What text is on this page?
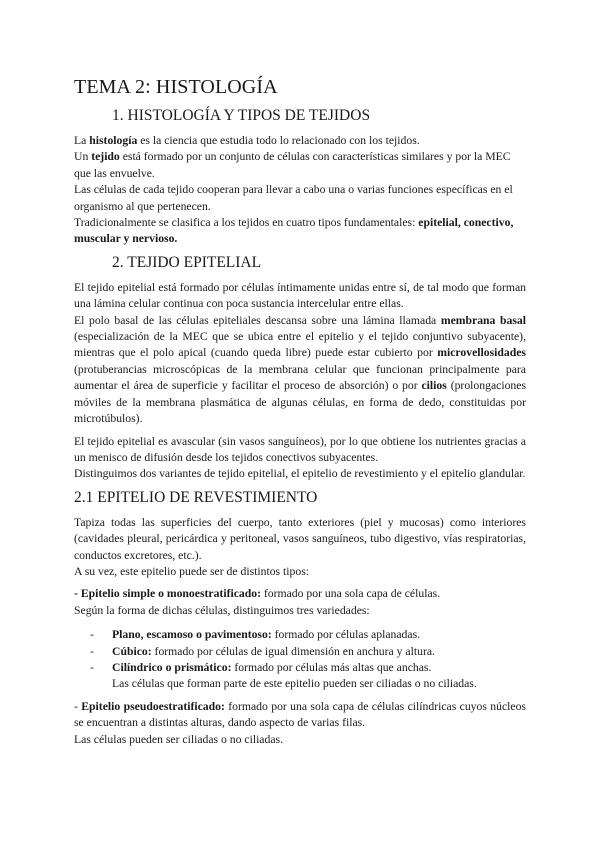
TEMA 2: HISTOLOGÍA
1. HISTOLOGÍA Y TIPOS DE TEJIDOS

La histología es la ciencia que estudia todo lo relacionado con los tejidos.

Un tejido está formado por un conjunto de células con características similares y por la MEC que las envuelve.

Las células de cada tejido cooperan para llevar a cabo una o varias funciones específicas en el organismo al que pertenecen.

Tradicionalmente se clasifica a los tejidos en cuatro tipos fundamentales: epitelial, conectivo, muscular y nervioso.

2. TEJIDO EPITELIAL

El tejido epitelial está formado por células íntimamente unidas entre sí, de tal modo que forman una lámina celular continua con poca sustancia intercelular entre ellas.

El polo basal de las células epiteliales descansa sobre una lámina llamada membrana basal (especialización de la MEC que se ubica entre el epitelio y el tejido conjuntivo subyacente), mientras que el polo apical (cuando queda libre) puede estar cubierto por microvellosidades (protuberancias microscópicas de la membrana celular que funcionan principalmente para aumentar el área de superficie y facilitar el proceso de absorción) o por cilios (prolongaciones móviles de la membrana plasmática de algunas células, en forma de dedo, constituidas por microtúbulos).

El tejido epitelial es avascular (sin vasos sanguíneos), por lo que obtiene los nutrientes gracias a un menisco de difusión desde los tejidos conectivos subyacentes.

Distinguimos dos variantes de tejido epitelial, el epitelio de revestimiento y el epitelio glandular.

2.1 EPITELIO DE REVESTIMIENTO

Tapiza todas las superficies del cuerpo, tanto exteriores (piel y mucosas) como interiores (cavidades pleural, pericárdica y peritoneal, vasos sanguíneos, tubo digestivo, vías respiratorias, conductos excretores, etc.).

A su vez, este epitelio puede ser de distintos tipos:

- Epitelio simple o monoestratificado: formado por una sola capa de células.

Según la forma de dichas células, distinguimos tres variedades:

- Plano, escamoso o pavimentoso: formado por células aplanadas.
- Cúbico: formado por células de igual dimensión en anchura y altura.
- Cilíndrico o prismático: formado por células más altas que anchas.

Las células que forman parte de este epitelio pueden ser ciliadas o no ciliadas.

- Epitelio pseudoestratificado: formado por una sola capa de células cilíndricas cuyos núcleos se encuentran a distintas alturas, dando aspecto de varias filas.

Las células pueden ser ciliadas o no ciliadas.
